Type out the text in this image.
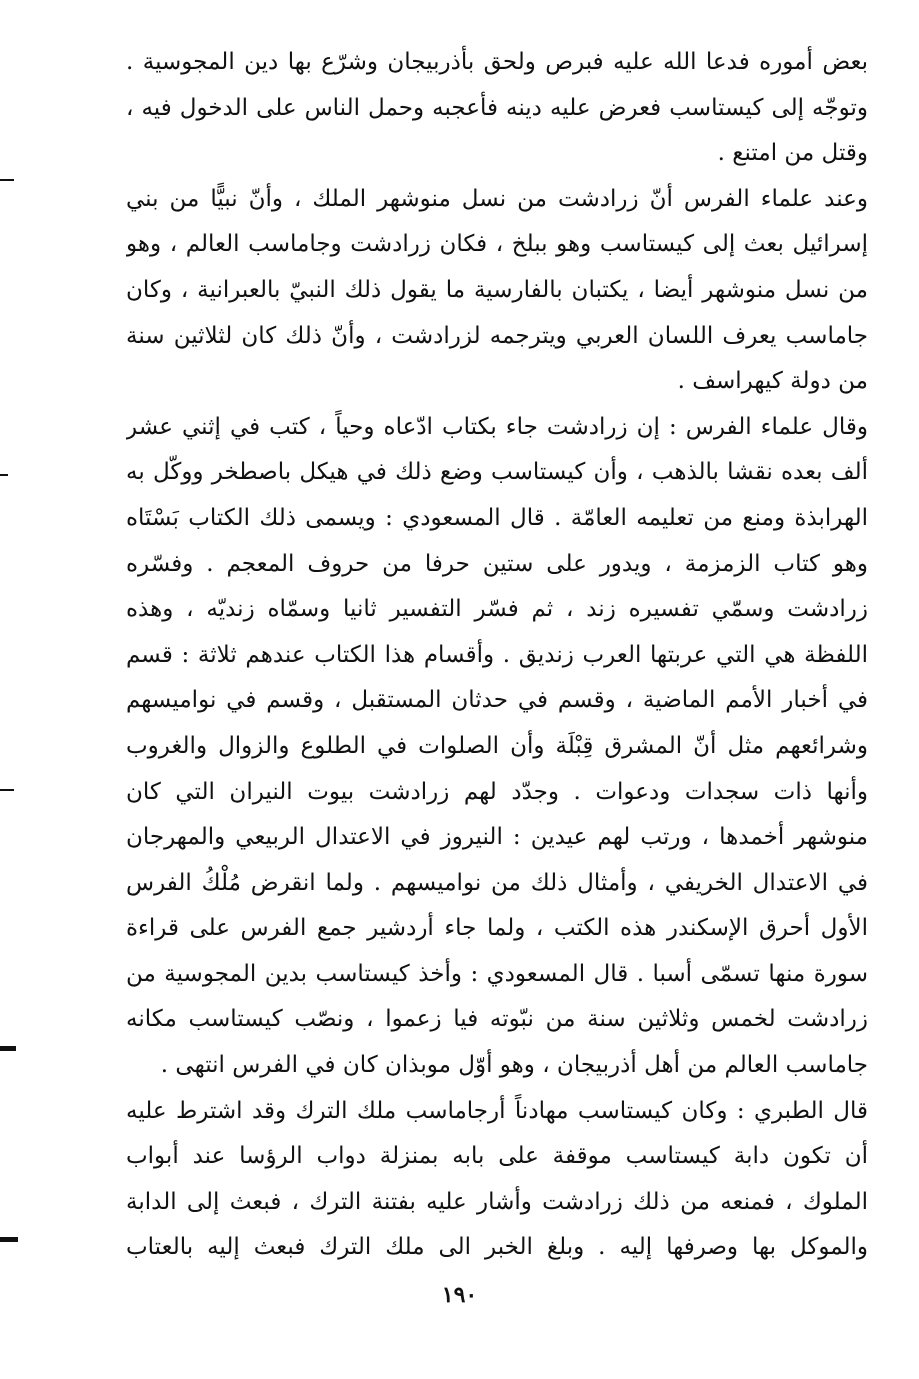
بعض أموره فدعا الله عليه فبرص ولحق بأذربيجان وشرّع بها دين المجوسية . وتوجّه إلى كيستاسب فعرض عليه دينه فأعجبه وحمل الناس على الدخول فيه ، وقتل من امتنع .

وعند علماء الفرس أنّ زرادشت من نسل منوشهر الملك ، وأنّ نبيًّا من بني إسرائيل بعث إلى كيستاسب وهو ببلخ ، فكان زرادشت وجاماسب العالم ، وهو من نسل منوشهر أيضا ، يكتبان بالفارسية ما يقول ذلك النبيّ بالعبرانية ، وكان جاماسب يعرف اللسان العربي ويترجمه لزرادشت ، وأنّ ذلك كان لثلاثين سنة من دولة كيهراسف .

وقال علماء الفرس : إن زرادشت جاء بكتاب ادّعاه وحياً ، كتب في إثني عشر ألف بعده نقشا بالذهب ، وأن كيستاسب وضع ذلك في هيكل باصطخر ووكّل به الهرابذة ومنع من تعليمه العامّة . قال المسعودي : ويسمى ذلك الكتاب بَسْتَاه وهو كتاب الزمزمة ، ويدور على ستين حرفا من حروف المعجم . وفسّره زرادشت وسمّي تفسيره زند ، ثم فسّر التفسير ثانيا وسمّاه زنديّه ، وهذه اللفظة هي التي عربتها العرب زنديق . وأقسام هذا الكتاب عندهم ثلاثة : قسم في أخبار الأمم الماضية ، وقسم في حدثان المستقبل ، وقسم في نواميسهم وشرائعهم مثل أنّ المشرق قِبْلَة وأن الصلوات في الطلوع والزوال والغروب وأنها ذات سجدات ودعوات . وجدّد لهم زرادشت بيوت النيران التي كان منوشهر أخمدها ، ورتب لهم عيدين : النيروز في الاعتدال الربيعي والمهرجان في الاعتدال الخريفي ، وأمثال ذلك من نواميسهم . ولما انقرض مُلْكُ الفرس الأول أحرق الإسكندر هذه الكتب ، ولما جاء أردشير جمع الفرس على قراءة سورة منها تسمّى أسبا . قال المسعودي : وأخذ كيستاسب بدين المجوسية من زرادشت لخمس وثلاثين سنة من نبّوته فيا زعموا ، ونصّب كيستاسب مكانه جاماسب العالم من أهل أذربيجان ، وهو أوّل موبذان كان في الفرس انتهى .

قال الطبري : وكان كيستاسب مهادناً أرجاماسب ملك الترك وقد اشترط عليه أن تكون دابة كيستاسب موقفة على بابه بمنزلة دواب الرؤسا عند أبواب الملوك ، فمنعه من ذلك زرادشت وأشار عليه بفتنة الترك ، فبعث إلى الدابة والموكل بها وصرفها إليه . وبلغ الخبر الى ملك الترك فبعث إليه بالعتاب

١٩٠
